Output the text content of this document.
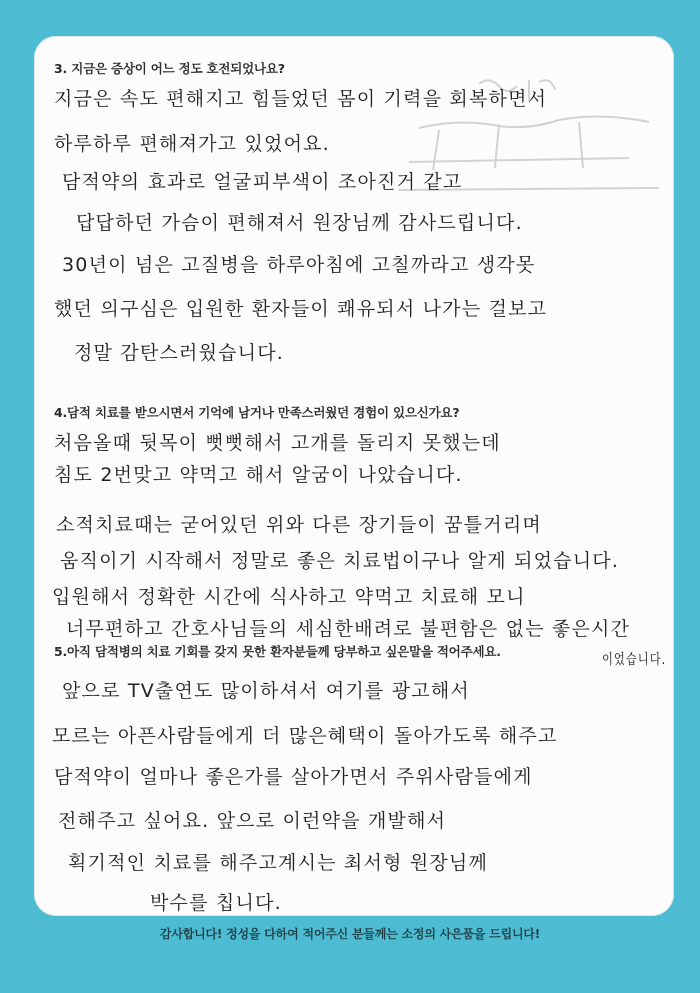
3. 지금은 증상이 어느 정도 호전되었나요?
지금은 속도 편해지고 힘들었던 몸이 기력을 회복하면서
하루하루 편해져가고 있었어요.
담적약의 효과로 얼굴피부색이 조아진거 같고
답답하던 가슴이 편해져서 원장님께 감사드립니다.
30년이 넘은 고질병을 하루아침에 고칠까라고 생각못
했던 의구심은 입원한 환자들이 쾌유되서 나가는 걸보고
정말 감탄스러웠습니다.
4.담적 치료를 받으시면서 기억에 남거나 만족스러웠던 경험이 있으신가요?
처음올때 뒷목이 뻣뻣해서 고개를 돌리지 못했는데
침도 2번맞고 약먹고 해서 알굼이 나았습니다.
소적치료때는 굳어있던 위와 다른 장기들이 꿈틀거리며
움직이기 시작해서 정말로 좋은 치료법이구나 알게 되었습니다.
입원해서 정확한 시간에 식사하고 약먹고 치료해 모니
너무편하고 간호사님들의 세심한배려로 불편함은 없는 좋은시간
이었습니다.
5.아직 담적병의 치료 기회를 갖지 못한 환자분들께 당부하고 싶은말을 적어주세요.
앞으로 TV출연도 많이하셔서 여기를 광고해서
모르는 아픈사람들에게 더 많은혜택이 돌아가도록 해주고
담적약이 얼마나 좋은가를 살아가면서 주위사람들에게
전해주고 싶어요. 앞으로 이런약을 개발해서
획기적인 치료를 해주고계시는 최서형 원장님께
박수를 칩니다.
감사합니다! 정성을 다하여 적어주신 분들께는 소정의 사은품을 드립니다!
